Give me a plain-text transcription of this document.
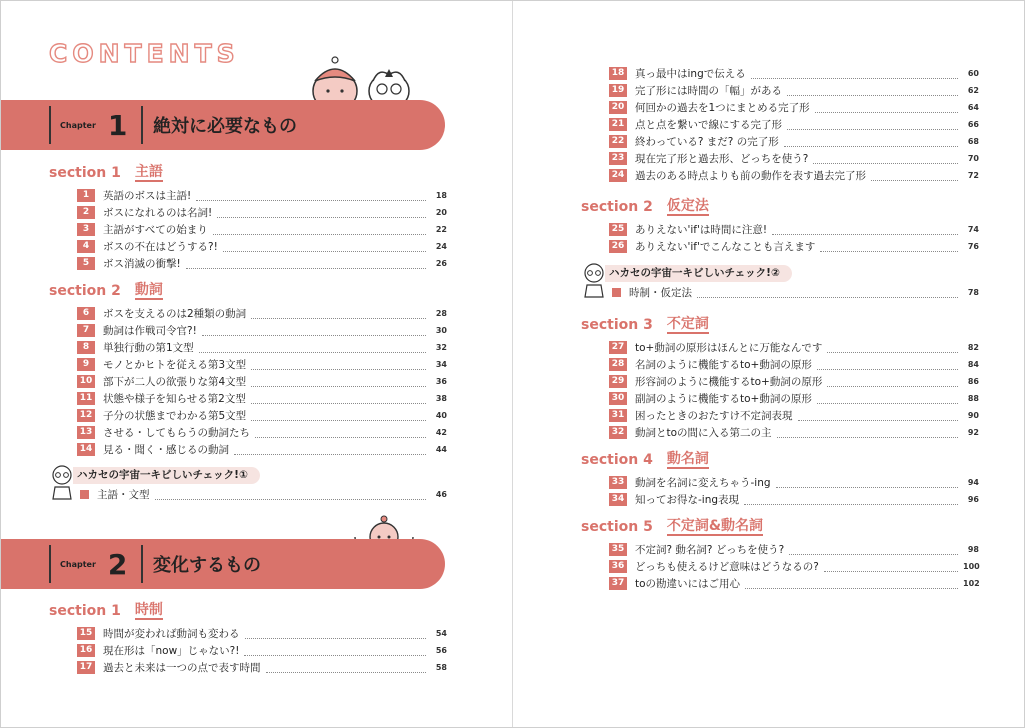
CONTENTS
Chapter 1 絶対に必要なもの
section 1 主語
1	英語のボスは主語!	18
2	ボスになれるのは名詞!	20
3	主語がすべての始まり	22
4	ボスの不在はどうする?!	24
5	ボス消滅の衝撃!	26
section 2 動詞
6	ボスを支えるのは2種類の動詞	28
7	動詞は作戦司令官?!	30
8	単独行動の第1文型	32
9	モノとかヒトを従える第3文型	34
10 部下が二人の欲張りな第4文型	36
11 状態や様子を知らせる第2文型	38
12 子分の状態までわかる第5文型	40
13 させる・してもらうの動詞たち	42
14 見る・聞く・感じるの動詞	44
ハカセの宇宙一キビしいチェック!①
主語・文型	46
Chapter 2 変化するもの
section 1 時制
15 時間が変われば動詞も変わる	54
16 現在形は「now」じゃない?!	56
17 過去と未来は一つの点で表す時間	58
18 真っ最中はingで伝える	60
19 完了形には時間の「幅」がある	62
20 何回かの過去を1つにまとめる完了形	64
21 点と点を繋いで線にする完了形	66
22 終わっている? まだ? の完了形	68
23 現在完了形と過去形、どっちを使う?	70
24 過去のある時点よりも前の動作を表す過去完了形	72
section 2 仮定法
25 ありえない'if'は時間に注意!	74
26 ありえない'if'でこんなことも言えます	76
ハカセの宇宙一キビしいチェック!②
時制・仮定法	78
section 3 不定詞
27 to+動詞の原形はほんとに万能なんです	82
28 名詞のように機能するto+動詞の原形	84
29 形容詞のように機能するto+動詞の原形	86
30 副詞のように機能するto+動詞の原形	88
31 困ったときのおたすけ不定詞表現	90
32 動詞とtoの間に入る第二の主	92
section 4 動名詞
33 動詞を名詞に変えちゃう-ing	94
34 知ってお得な-ing表現	96
section 5 不定詞&動名詞
35 不定詞? 動名詞? どっちを使う?	98
36 どっちも使えるけど意味はどうなるの?	100
37 toの勘違いにはご用心	102
